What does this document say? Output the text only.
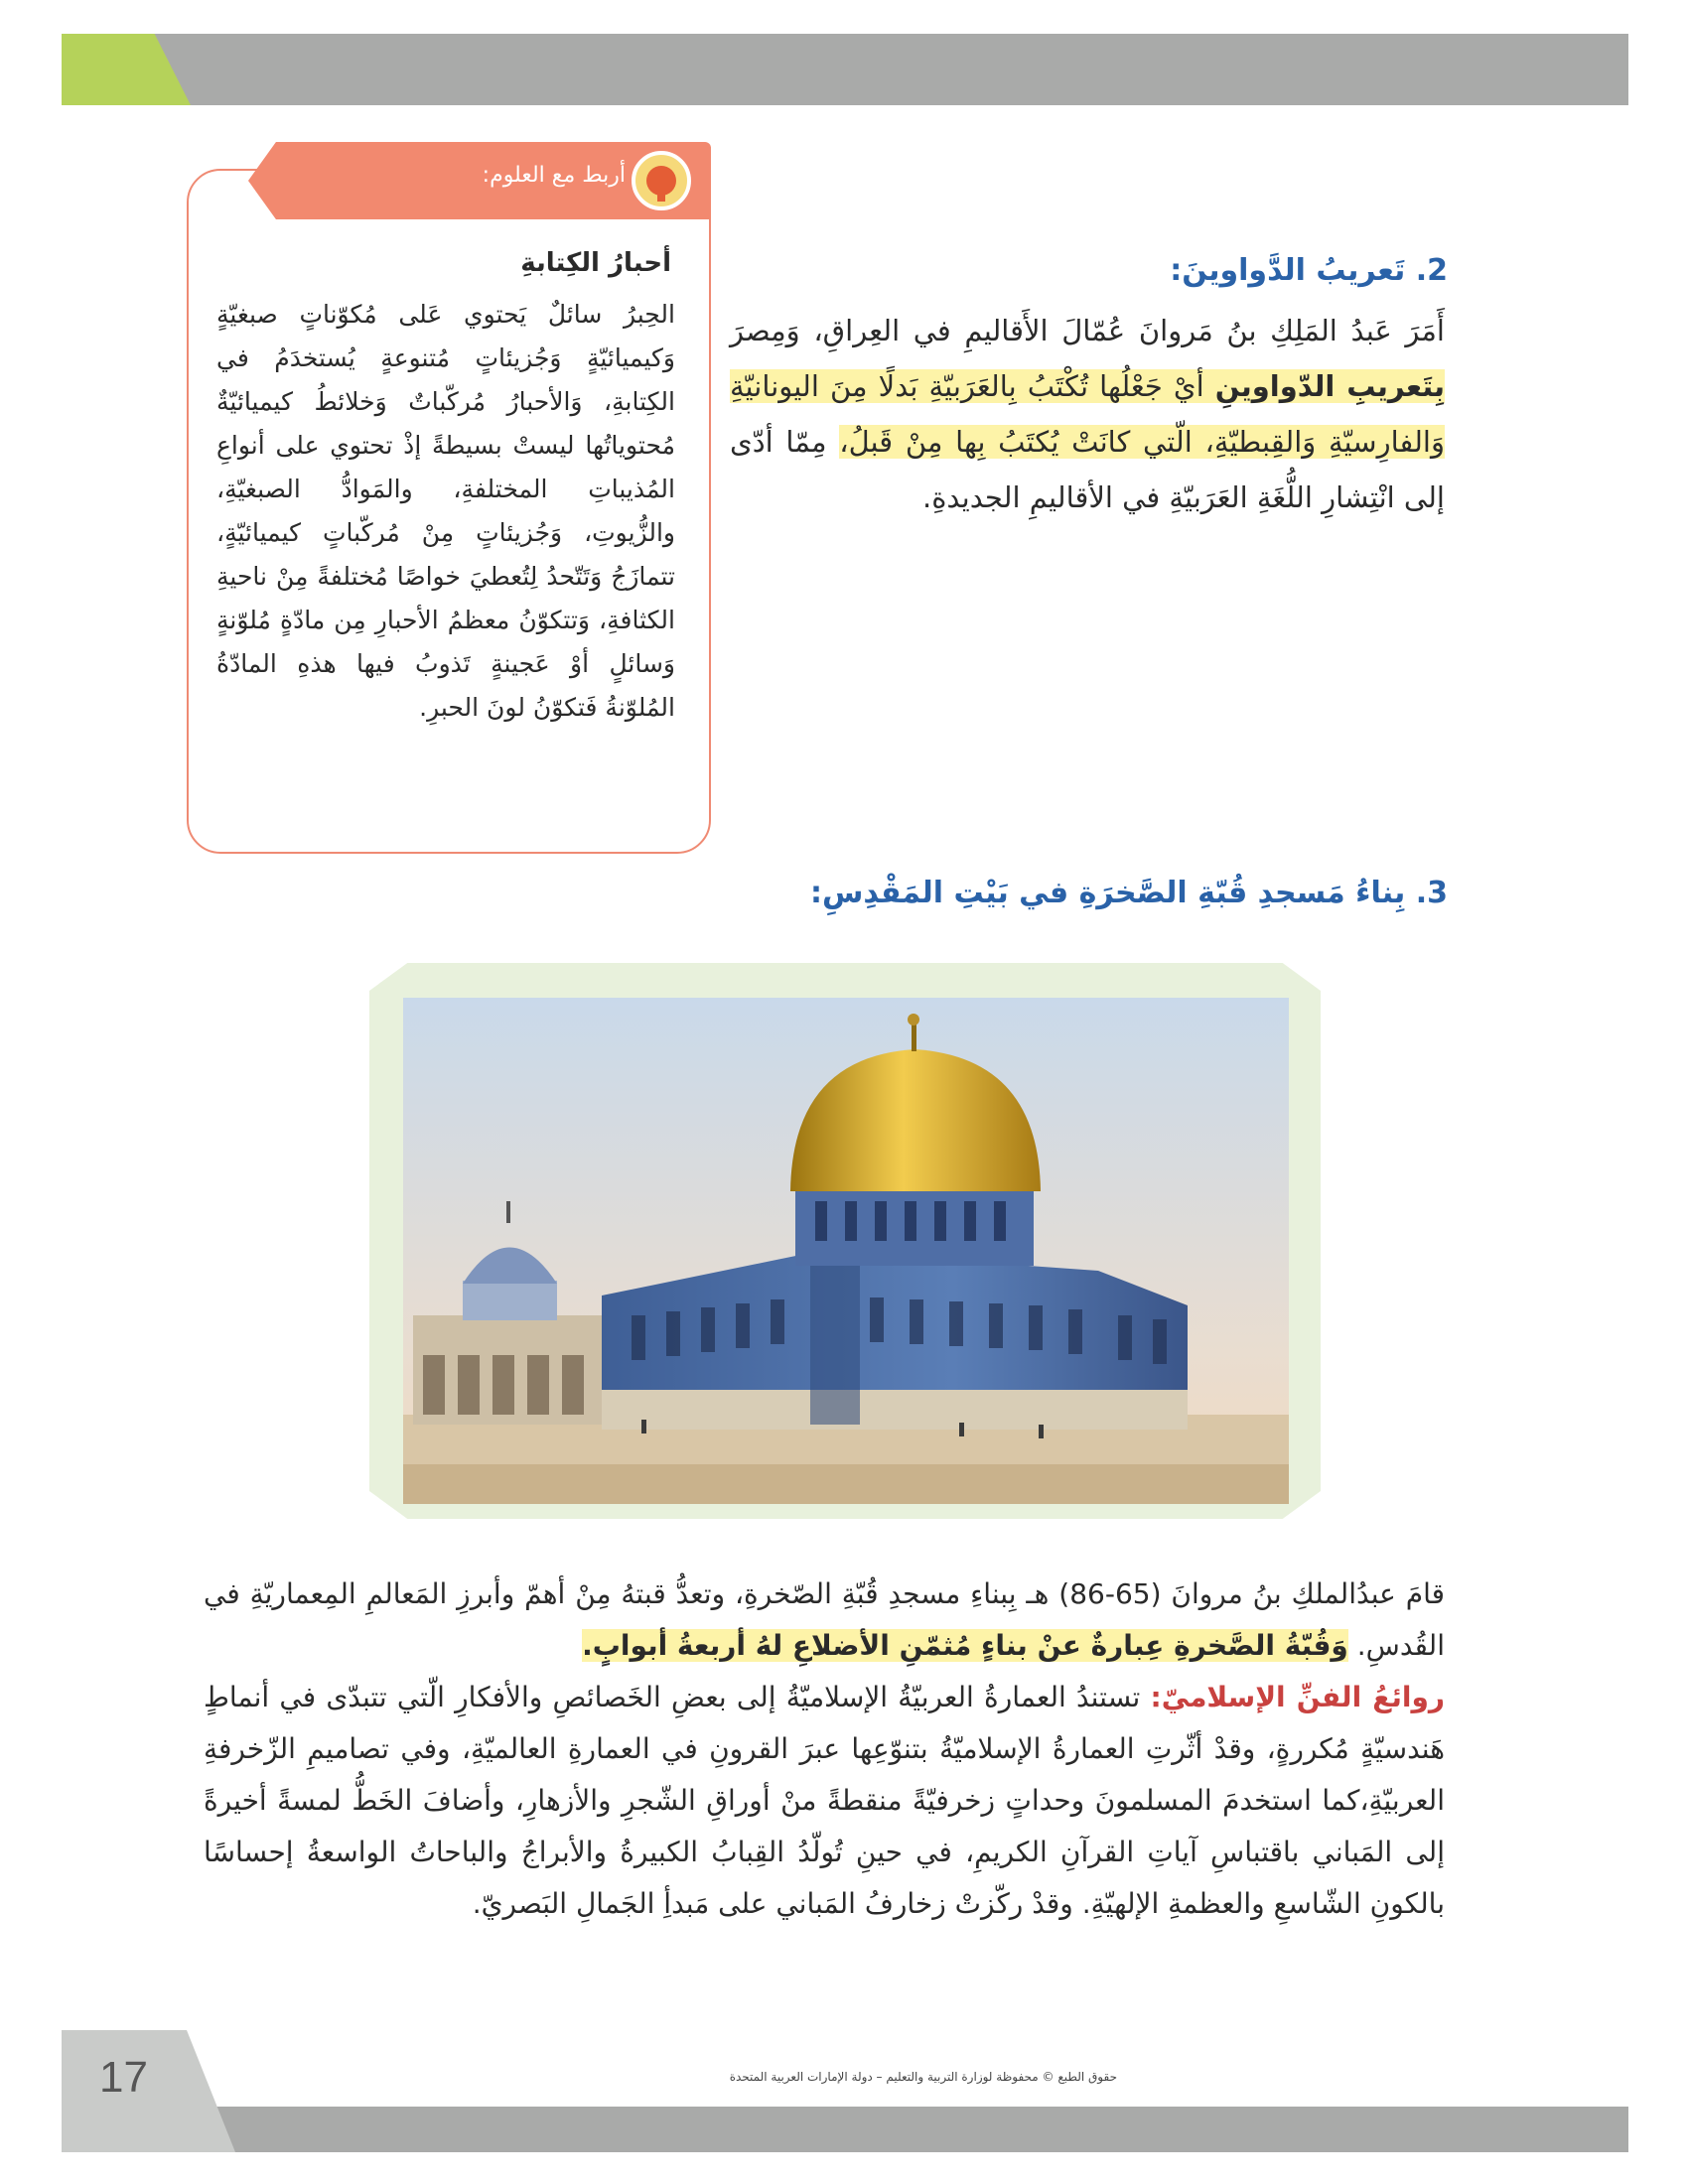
أربط مع العلوم:
أحبارُ الكِتابةِ
الحِبرُ سائلٌ يَحتوي عَلى مُكوّناتٍ صبغيّةٍ وَكيميائيّةٍ وَجُزيئاتٍ مُتنوعةٍ يُستخدَمُ في الكِتابةِ، وَالأحبارُ مُركّباتٌ وَخلائطُ كيميائيّةٌ مُحتوياتُها ليستْ بسيطةً إذْ تحتوي على أنواعِ المُذيباتِ المختلفةِ، والمَوادُّ الصبغيّةِ، والزُّيوتِ، وَجُزيئاتٍ مِنْ مُركّباتٍ كيميائيّةٍ، تتمازَجُ وَتَتّحدُ لِتُعطيَ خواصًا مُختلفةً مِنْ ناحيةِ الكثافةِ، وَتتكوّنُ معظمُ الأحبارِ مِن مادّةٍ مُلوّنةٍ وَسائلٍ أوْ عَجينةٍ تَذوبُ فيها هذهِ المادّةُ المُلوّنةُ فَتكوّنُ لونَ الحبرِ.
2. تَعريبُ الدَّواوينَ:
أَمَرَ عَبدُ المَلِكِ بنُ مَروانَ عُمّالَ الأَقاليمِ في العِراقِ، وَمِصرَ بِتَعريبِ الدّواوينِ أيْ جَعْلُها تُكْتَبُ بِالعَرَبيّةِ بَدلًا مِنَ اليونانيّةِ وَالفارِسيّةِ وَالقِبطيّةِ، الّتي كانَتْ يُكتَبُ بِها مِنْ قَبلُ، مِمّا أدّى إلى انْتِشارِ اللُّغَةِ العَرَبيّةِ في الأقاليمِ الجديدةِ.
3. بِناءُ مَسجدِ قُبّةِ الصَّخرَةِ في بَيْتِ المَقْدِسِ:
قامَ عبدُالملكِ بنُ مروانَ (65-86) هـ بِبناءِ مسجدِ قُبّةِ الصّخرةِ، وتعدُّ قبتهُ مِنْ أهمّ وأبرزِ المَعالمِ المِعماريّةِ في القُدسِ. وَقُبّةُ الصَّخرةِ عِبارةٌ عنْ بناءٍ مُثمّنِ الأضلاعِ لهُ أربعةُ أبوابٍ.
روائعُ الفنِّ الإسلاميّ: تستندُ العمارةُ العربيّةُ الإسلاميّةُ إلى بعضِ الخَصائصِ والأفكارِ الّتي تتبدّى في أنماطٍ هَندسيّةٍ مُكررةٍ، وقدْ أثّرتِ العمارةُ الإسلاميّةُ بتنوّعِها عبرَ القرونِ في العمارةِ العالميّةِ، وفي تصاميمِ الزّخرفةِ العربيّةِ،كما استخدمَ المسلمونَ وحداتٍ زخرفيّةً منقطةً منْ أوراقِ الشّجرِ والأزهارِ، وأضافَ الخَطُّ لمسةً أخيرةً إلى المَباني باقتباسِ آياتِ القرآنِ الكريمِ، في حينِ تُولّدُ القِبابُ الكبيرةُ والأبراجُ والباحاتُ الواسعةُ إحساسًا بالكونِ الشّاسعِ والعظمةِ الإلهيّةِ. وقدْ ركّزتْ زخارفُ المَباني على مَبدأِ الجَمالِ البَصريّ.
17	حقوق الطبع © محفوظة لوزارة التربية والتعليم – دولة الإمارات العربية المتحدة
